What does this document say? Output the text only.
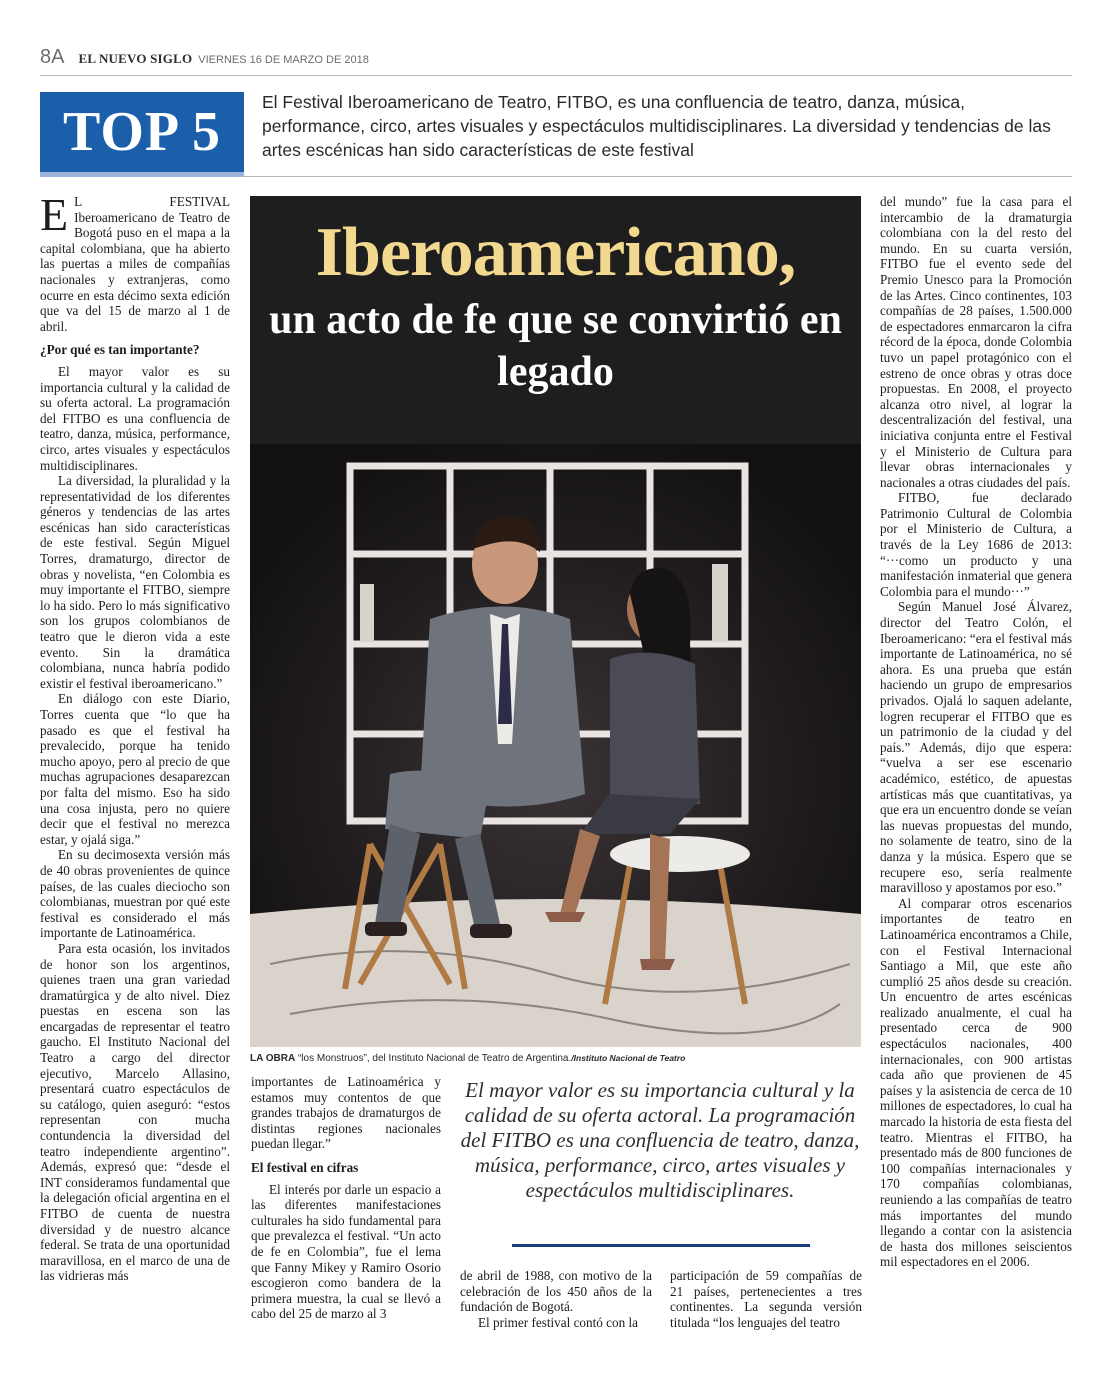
8A EL NUEVO SIGLO VIERNES 16 DE MARZO DE 2018
TOP 5	El Festival Iberoamericano de Teatro, FITBO, es una confluencia de teatro, danza, música, performance, circo, artes visuales y espectáculos multidisciplinares. La diversidad y tendencias de las artes escénicas han sido características de este festival

E L FESTIVAL Iberoamericano de Teatro de Bogotá puso en el mapa a la capital colombiana, que ha abierto las puertas a miles de compañías nacionales y extranjeras, como ocurre en esta décimo sexta edición que va del 15 de marzo al 1 de abril.

¿Por qué es tan importante?

El mayor valor es su importancia cultural y la calidad de su oferta actoral. La programación del FITBO es una confluencia de teatro, danza, música, performance, circo, artes visuales y espectáculos multidisciplinares.

La diversidad, la pluralidad y la representatividad de los diferentes géneros y tendencias de las artes escénicas han sido características de este festival. Según Miguel Torres, dramaturgo, director de obras y novelista, “en Colombia es muy importante el FITBO, siempre lo ha sido. Pero lo más significativo son los grupos colombianos de teatro que le dieron vida a este evento. Sin la dramática colombiana, nunca habría podido existir el festival iberoamericano.”

En diálogo con este Diario, Torres cuenta que “lo que ha pasado es que el festival ha prevalecido, porque ha tenido mucho apoyo, pero al precio de que muchas agrupaciones desaparezcan por falta del mismo. Eso ha sido una cosa injusta, pero no quiere decir que el festival no merezca estar, y ojalá siga.”

En su decimosexta versión más de 40 obras provenientes de quince países, de las cuales dieciocho son colombianas, muestran por qué este festival es considerado el más importante de Latinoamérica.

Para esta ocasión, los invitados de honor son los argentinos, quienes traen una gran variedad dramatúrgica y de alto nivel. Diez puestas en escena son las encargadas de representar el teatro gaucho. El Instituto Nacional del Teatro a cargo del director ejecutivo, Marcelo Allasino, presentará cuatro espectáculos de su catálogo, quien aseguró: “estos representan con mucha contundencia la diversidad del teatro independiente argentino”. Además, expresó que: “desde el INT consideramos fundamental que la delegación oficial argentina en el FITBO de cuenta de nuestra diversidad y de nuestro alcance federal. Se trata de una oportunidad maravillosa, en el marco de una de las vidrieras más

Iberoamericano,
un acto de fe que se convirtió en legado
LA OBRA “los Monstruos”, del Instituto Nacional de Teatro de Argentina./Instituto Nacional de Teatro

importantes de Latinoamérica y estamos muy contentos de que grandes trabajos de dramaturgos de distintas regiones nacionales puedan llegar.”

El festival en cifras

El interés por darle un espacio a las diferentes manifestaciones culturales ha sido fundamental para que prevalezca el festival. “Un acto de fe en Colombia”, fue el lema que Fanny Mikey y Ramiro Osorio escogieron como bandera de la primera muestra, la cual se llevó a cabo del 25 de marzo al 3

El mayor valor es su importancia cultural y la calidad de su oferta actoral. La programación del FITBO es una confluencia de teatro, danza, música, performance, circo, artes visuales y espectáculos multidisciplinares.

de abril de 1988, con motivo de la celebración de los 450 años de la fundación de Bogotá.

El primer festival contó con la

participación de 59 compañías de 21 países, pertenecientes a tres continentes. La segunda versión titulada “los lenguajes del teatro

del mundo” fue la casa para el intercambio de la dramaturgia colombiana con la del resto del mundo. En su cuarta versión, FITBO fue el evento sede del Premio Unesco para la Promoción de las Artes. Cinco continentes, 103 compañías de 28 países, 1.500.000 de espectadores enmarcaron la cifra récord de la época, donde Colombia tuvo un papel protagónico con el estreno de once obras y otras doce propuestas. En 2008, el proyecto alcanza otro nivel, al lograr la descentralización del festival, una iniciativa conjunta entre el Festival y el Ministerio de Cultura para llevar obras internacionales y nacionales a otras ciudades del país.

FITBO, fue declarado Patrimonio Cultural de Colombia por el Ministerio de Cultura, a través de la Ley 1686 de 2013: “···como un producto y una manifestación inmaterial que genera Colombia para el mundo···”

Según Manuel José Álvarez, director del Teatro Colón, el Iberoamericano: “era el festival más importante de Latinoamérica, no sé ahora. Es una prueba que están haciendo un grupo de empresarios privados. Ojalá lo saquen adelante, logren recuperar el FITBO que es un patrimonio de la ciudad y del país.” Además, dijo que espera: “vuelva a ser ese escenario académico, estético, de apuestas artísticas más que cuantitativas, ya que era un encuentro donde se veían las nuevas propuestas del mundo, no solamente de teatro, sino de la danza y la música. Espero que se recupere eso, sería realmente maravilloso y apostamos por eso.”

Al comparar otros escenarios importantes de teatro en Latinoamérica encontramos a Chile, con el Festival Internacional Santiago a Mil, que este año cumplió 25 años desde su creación. Un encuentro de artes escénicas realizado anualmente, el cual ha presentado cerca de 900 espectáculos nacionales, 400 internacionales, con 900 artistas cada año que provienen de 45 países y la asistencia de cerca de 10 millones de espectadores, lo cual ha marcado la historia de esta fiesta del teatro. Mientras el FITBO, ha presentado más de 800 funciones de 100 compañías internacionales y 170 compañías colombianas, reuniendo a las compañías de teatro más importantes del mundo llegando a contar con la asistencia de hasta dos millones seiscientos mil espectadores en el 2006.
